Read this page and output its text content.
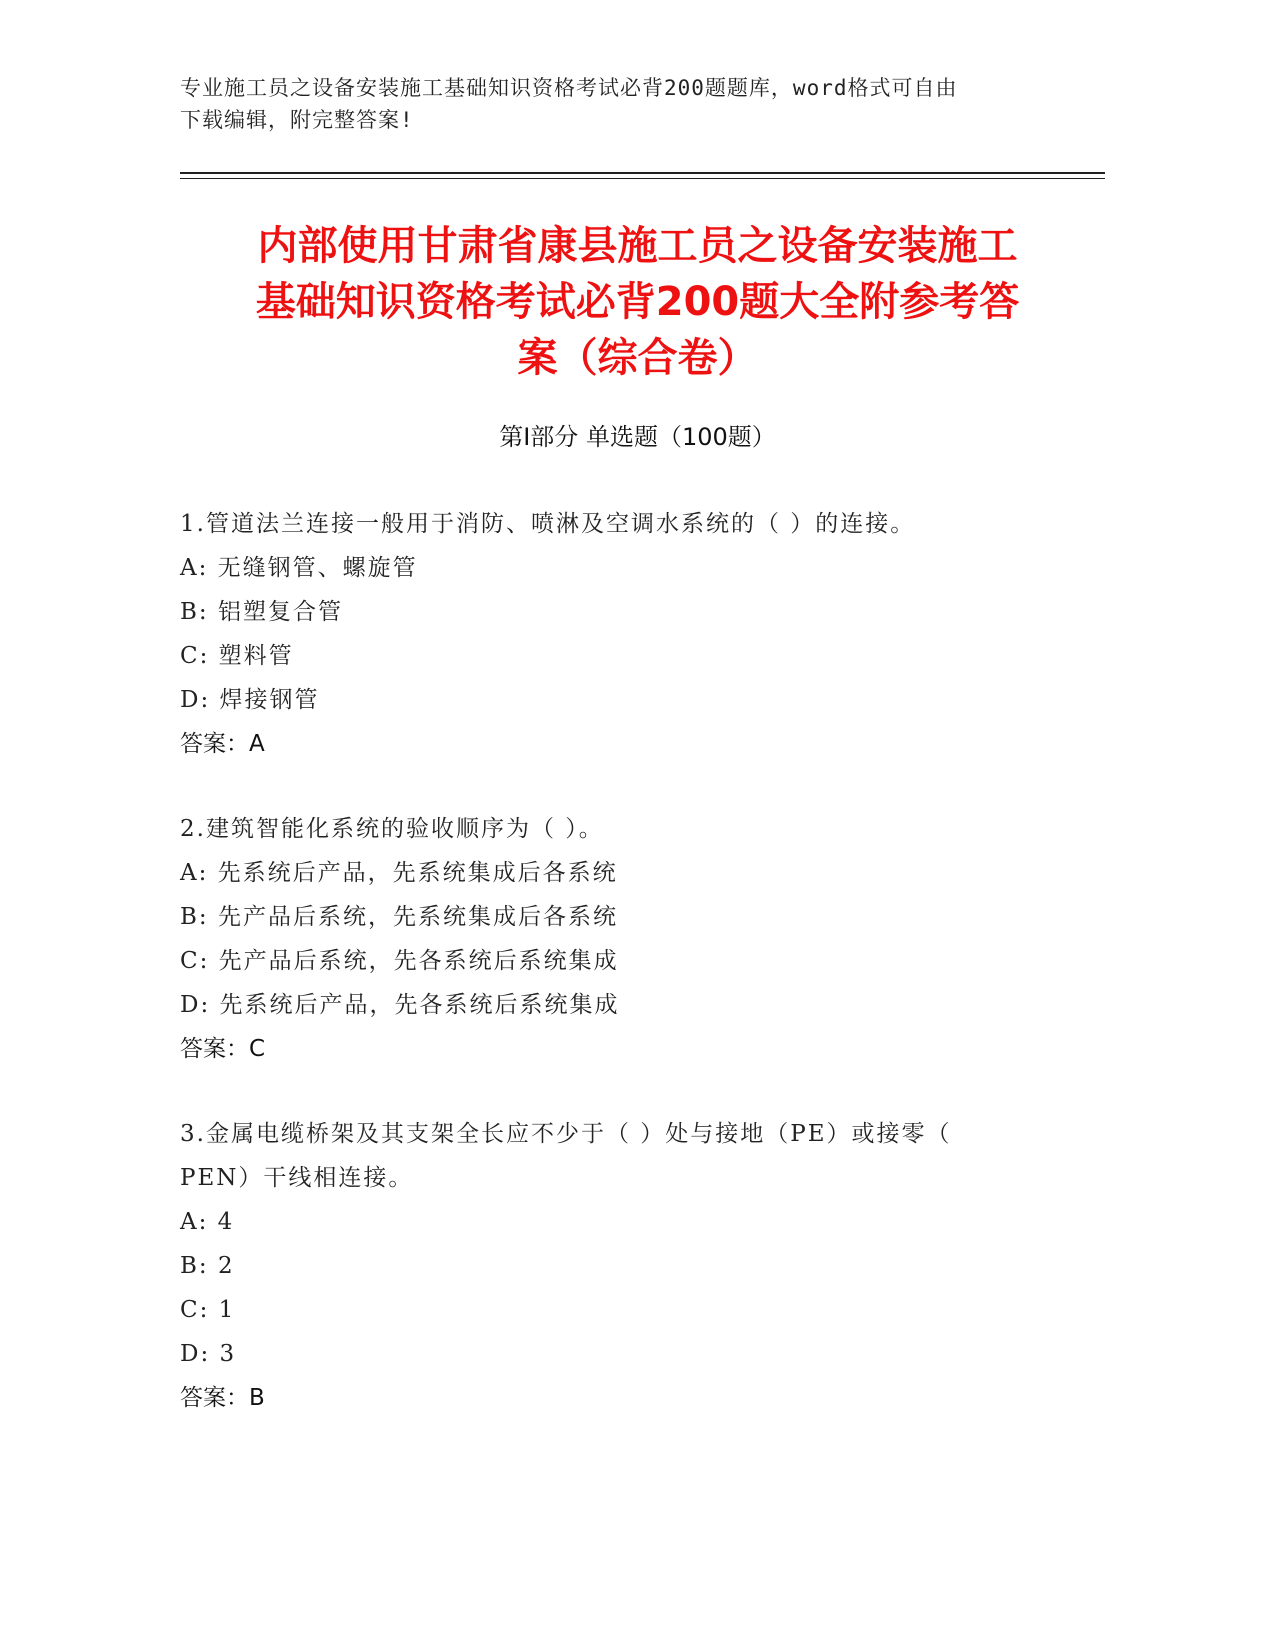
专业施工员之设备安装施工基础知识资格考试必背200题题库，word格式可自由
下载编辑，附完整答案!
内部使用甘肃省康县施工员之设备安装施工
基础知识资格考试必背200题大全附参考答
案（综合卷）
第I部分 单选题（100题）
1.管道法兰连接一般用于消防、喷淋及空调水系统的（ ）的连接。
A: 无缝钢管、螺旋管
B: 铝塑复合管
C: 塑料管
D: 焊接钢管
答案：A
2.建筑智能化系统的验收顺序为（ ）。
A: 先系统后产品，先系统集成后各系统
B: 先产品后系统，先系统集成后各系统
C: 先产品后系统，先各系统后系统集成
D: 先系统后产品，先各系统后系统集成
答案：C
3.金属电缆桥架及其支架全长应不少于（ ）处与接地（PE）或接零（
PEN）干线相连接。
A: 4
B: 2
C: 1
D: 3
答案：B
